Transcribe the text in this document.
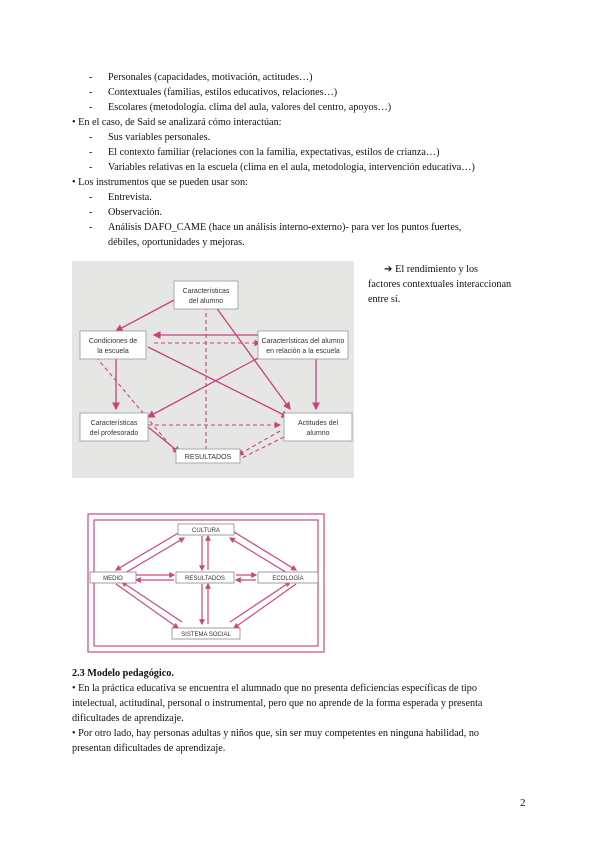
-	Personales (capacidades, motivación, actitudes…)
-	Contextuales (familias, estilos educativos, relaciones…)
-	Escolares (metodología. clima del aula, valores del centro, apoyos…)
• En el caso, de Said se analizará cómo interactúan:
-	Sus variables personales.
-	El contexto familiar (relaciones con la familia, expectativas, estilos de crianza…)
-	Variables relativas en la escuela (clima en el aula, metodología, intervención educativa…)
• Los instrumentos que se pueden usar son:
-	Entrevista.
-	Observación.
-	Análisis DAFO_CAME (hace un análisis interno-externo)- para ver los puntos fuertes,
débiles, oportunidades y mejoras.
Características
del alumno
Condiciones de
la escuela
Características del alumno
en relación a la escuela
Características
del profesorado
Actitudes del
alumno
RESULTADOS
➔ El rendimiento y los
factores contextuales interaccionan
entre sí.
CULTURA
MEDIO	RESULTADOS	ECOLOGÍA
SISTEMA SOCIAL
2.3 Modelo pedagógico.
• En la práctica educativa se encuentra el alumnado que no presenta deficiencias específicas de tipo
intelectual, actitudinal, personal o instrumental, pero que no aprende de la forma esperada y presenta
dificultades de aprendizaje.
• Por otro lado, hay personas adultas y niños que, sin ser muy competentes en ninguna habilidad, no
presentan dificultades de aprendizaje.
2
